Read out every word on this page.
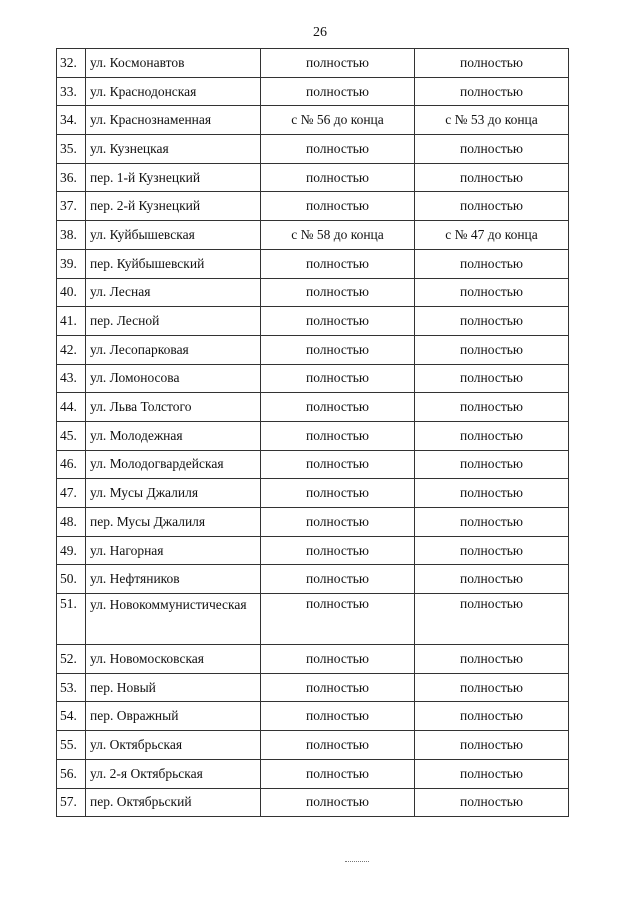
26
32.	ул. Космонавтов	полностью	полностью
33.	ул. Краснодонская	полностью	полностью
34.	ул. Краснознаменная	с № 56 до конца	с № 53 до конца
35.	ул. Кузнецкая	полностью	полностью
36.	пер. 1-й Кузнецкий	полностью	полностью
37.	пер. 2-й Кузнецкий	полностью	полностью
38.	ул. Куйбышевская	с № 58 до конца	с № 47 до конца
39.	пер. Куйбышевский	полностью	полностью
40.	ул. Лесная	полностью	полностью
41.	пер. Лесной	полностью	полностью
42.	ул. Лесопарковая	полностью	полностью
43.	ул. Ломоносова	полностью	полностью
44.	ул. Льва Толстого	полностью	полностью
45.	ул. Молодежная	полностью	полностью
46.	ул. Молодогвардейская	полностью	полностью
47.	ул. Мусы Джалиля	полностью	полностью
48.	пер. Мусы Джалиля	полностью	полностью
49.	ул. Нагорная	полностью	полностью
50.	ул. Нефтяников	полностью	полностью
51.	ул. Новокоммунистическая	полностью	полностью
52.	ул. Новомосковская	полностью	полностью
53.	пер. Новый	полностью	полностью
54.	пер. Овражный	полностью	полностью
55.	ул. Октябрьская	полностью	полностью
56.	ул. 2-я Октябрьская	полностью	полностью
57.	пер. Октябрьский	полностью	полностью
